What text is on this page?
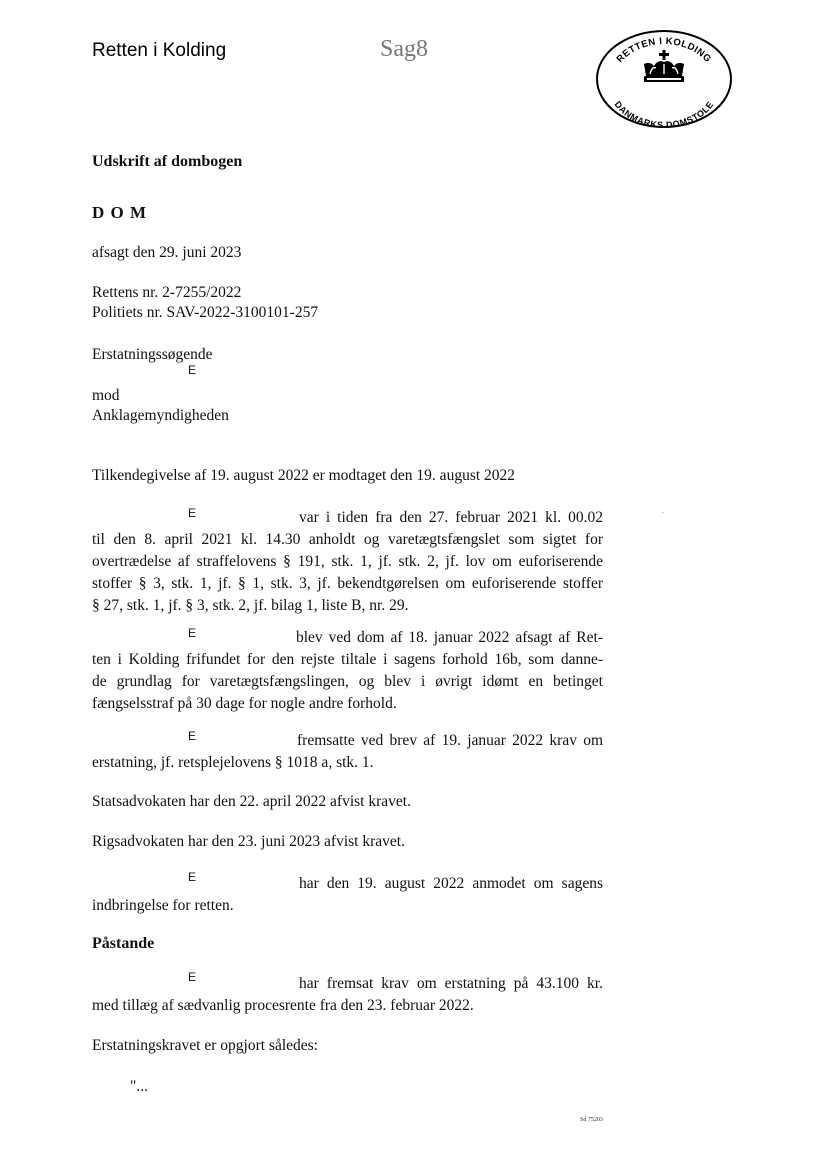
Retten i Kolding	Sag8	RETTEN I KOLDING
DANMARKS DOMSTOLE
Udskrift af dombogen
D O M
afsagt den 29. juni 2023
Rettens nr. 2-7255/2022
Politiets nr. SAV-2022-3100101-257
Erstatningssøgende
E
mod
Anklagemyndigheden
Tilkendegivelse af 19. august 2022 er modtaget den 19. august 2022
E	var i tiden fra den 27. februar 2021 kl. 00.02
til den 8. april 2021 kl. 14.30 anholdt og varetægtsfængslet som sigtet for
overtrædelse af straffelovens § 191, stk. 1, jf. stk. 2, jf. lov om euforiserende
stoffer § 3, stk. 1, jf. § 1, stk. 3, jf. bekendtgørelsen om euforiserende stoffer
§ 27, stk. 1, jf. § 3, stk. 2, jf. bilag 1, liste B, nr. 29.
E	blev ved dom af 18. januar 2022 afsagt af Ret-
ten i Kolding frifundet for den rejste tiltale i sagens forhold 16b, som danne-
de grundlag for varetægtsfængslingen, og blev i øvrigt idømt en betinget
fængselsstraf på 30 dage for nogle andre forhold.
E	fremsatte ved brev af 19. januar 2022 krav om
erstatning, jf. retsplejelovens § 1018 a, stk. 1.
Statsadvokaten har den 22. april 2022 afvist kravet.
Rigsadvokaten har den 23. juni 2023 afvist kravet.
E	har den 19. august 2022 anmodet om sagens
indbringelse for retten.
Påstande
E	har fremsat krav om erstatning på 43.100 kr.
med tillæg af sædvanlig procesrente fra den 23. februar 2022.
Erstatningskravet er opgjort således:
"...
Sd 75203
